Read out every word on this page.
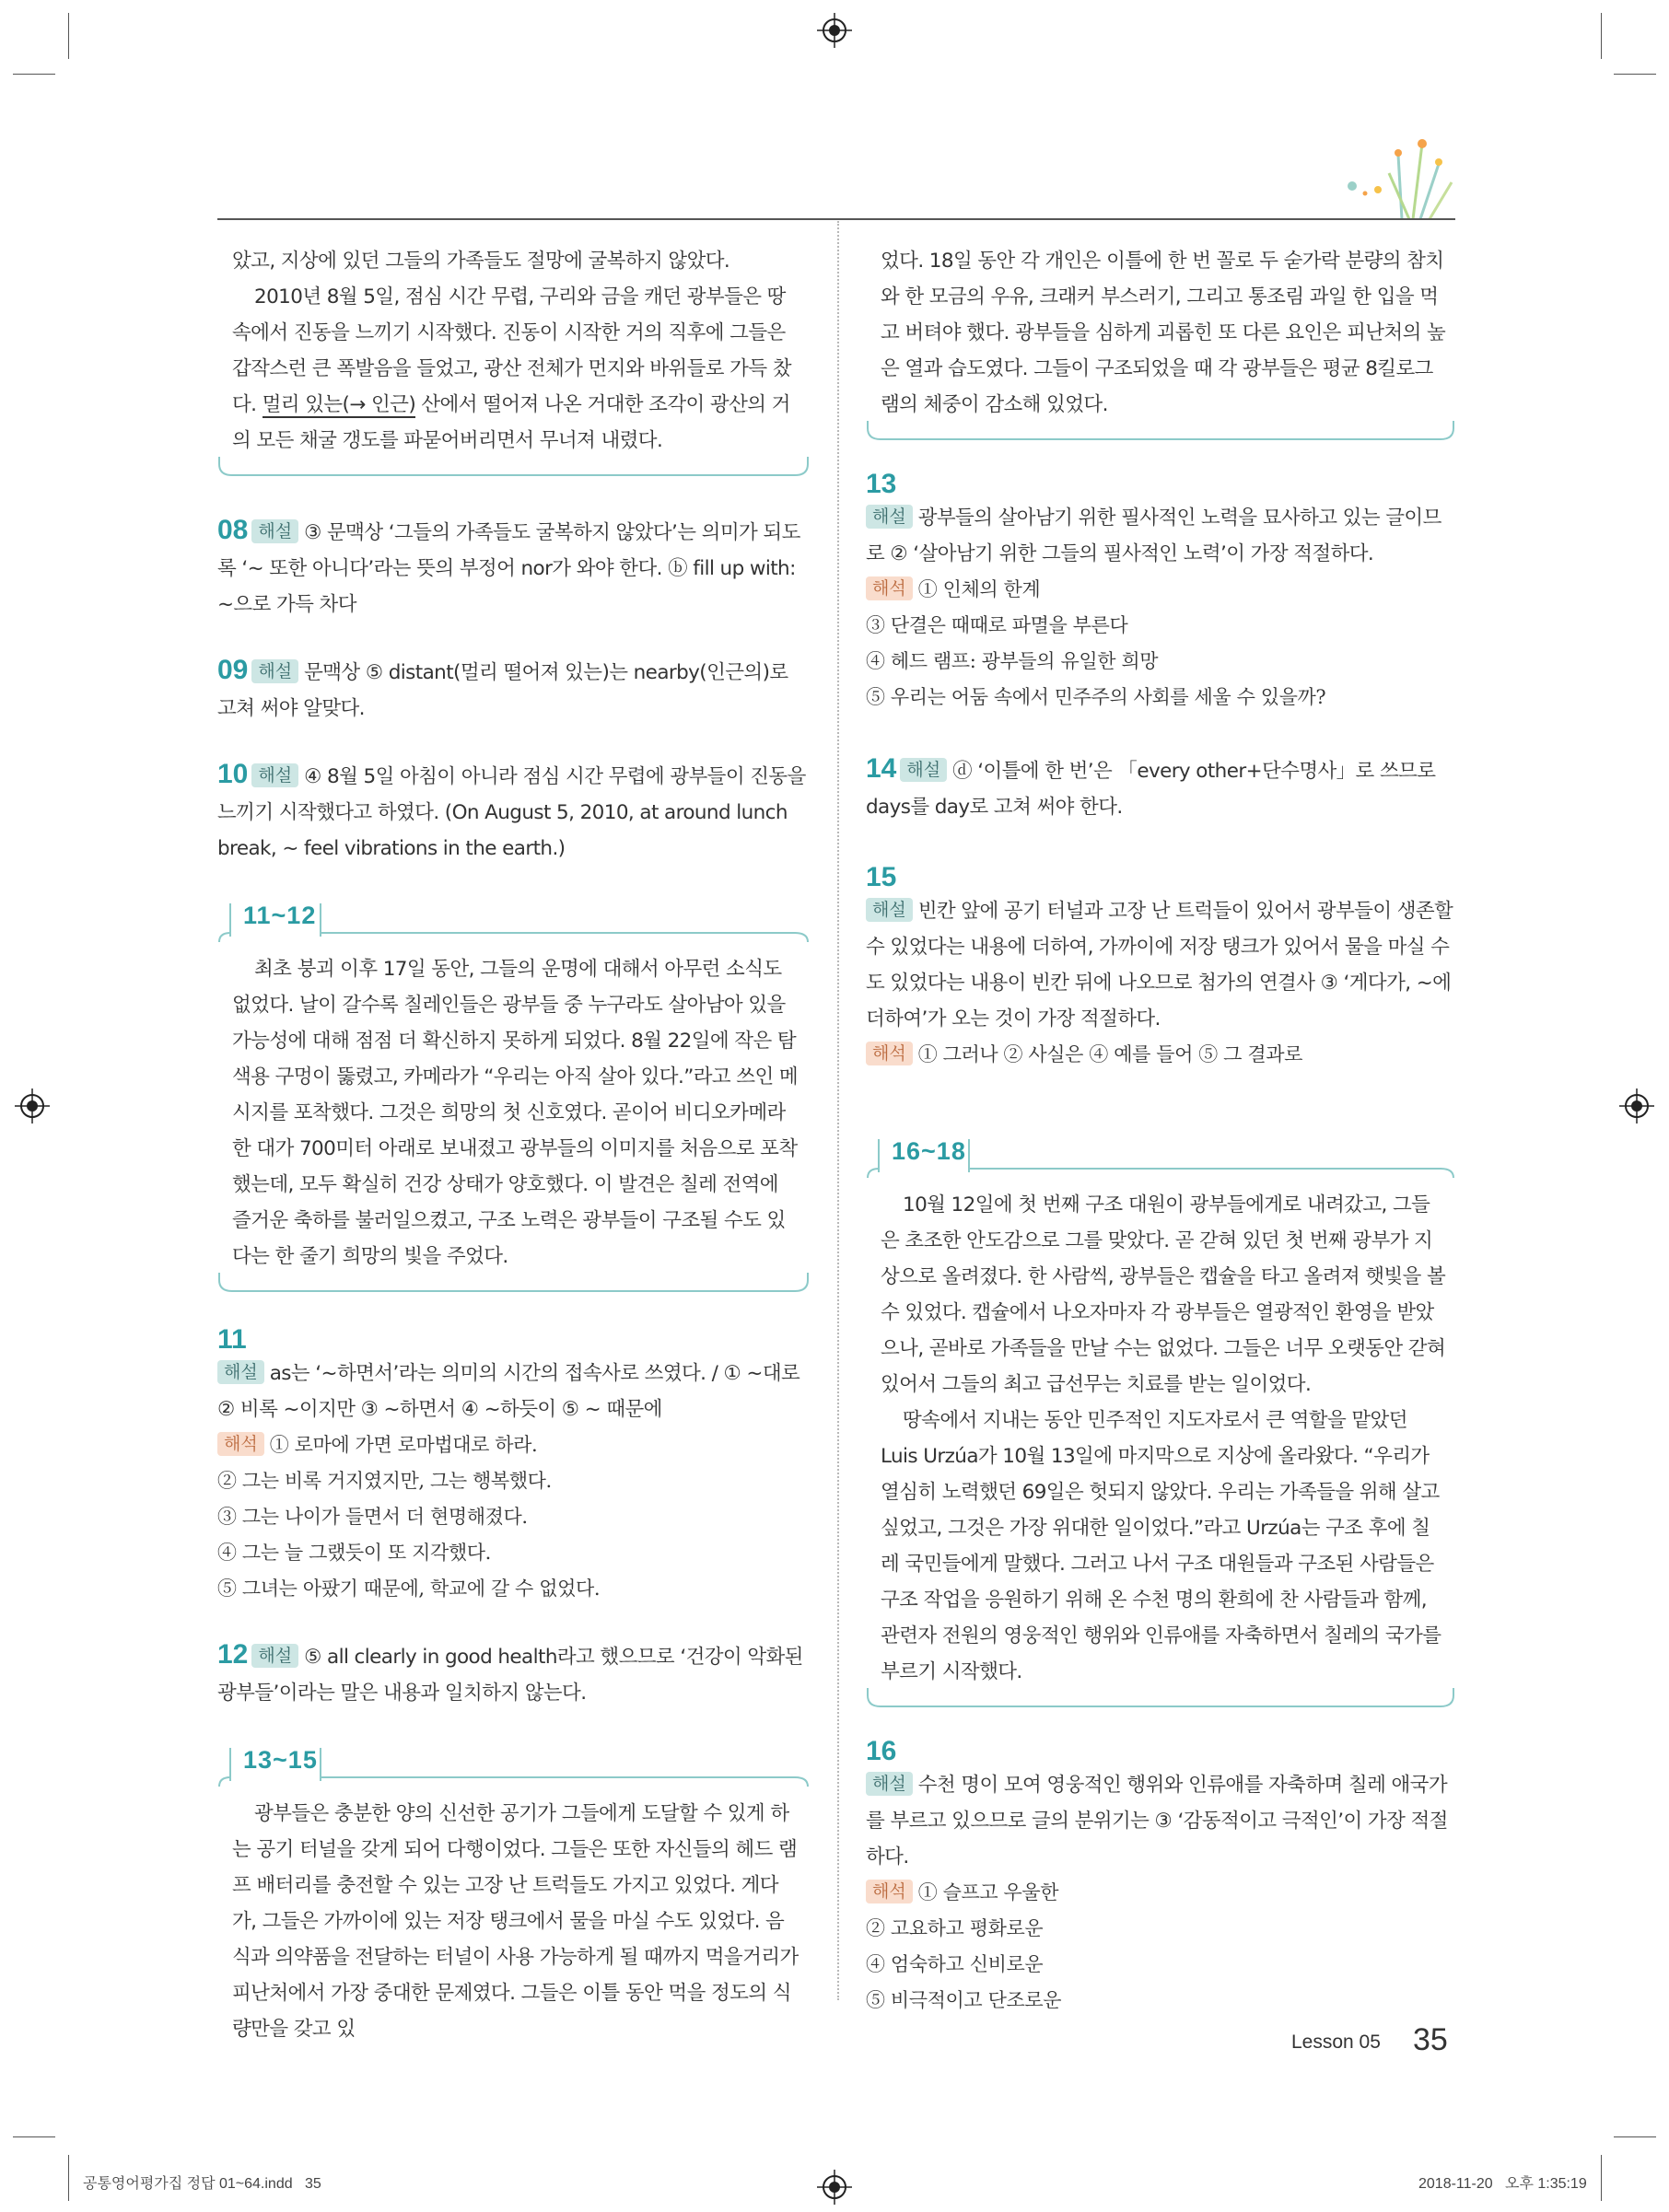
았고, 지상에 있던 그들의 가족들도 절망에 굴복하지 않았다.

2010년 8월 5일, 점심 시간 무렵, 구리와 금을 캐던 광부들은 땅속에서 진동을 느끼기 시작했다. 진동이 시작한 거의 직후에 그들은 갑작스런 큰 폭발음을 들었고, 광산 전체가 먼지와 바위들로 가득 찼다. 멀리 있는(→ 인근) 산에서 떨어져 나온 거대한 조각이 광산의 거의 모든 채굴 갱도를 파묻어버리면서 무너져 내렸다.

08 해설 ③ 문맥상 ‘그들의 가족들도 굴복하지 않았다’는 의미가 되도록 ‘~ 또한 아니다’라는 뜻의 부정어 nor가 와야 한다. ⓑ fill up with: ~으로 가득 차다

09 해설 문맥상 ⑤ distant(멀리 떨어져 있는)는 nearby(인근의)로 고쳐 써야 알맞다.

10 해설 ④ 8월 5일 아침이 아니라 점심 시간 무렵에 광부들이 진동을 느끼기 시작했다고 하였다. (On August 5, 2010, at around lunch break, ~ feel vibrations in the earth.)

11~12

최초 붕괴 이후 17일 동안, 그들의 운명에 대해서 아무런 소식도 없었다. 날이 갈수록 칠레인들은 광부들 중 누구라도 살아남아 있을 가능성에 대해 점점 더 확신하지 못하게 되었다. 8월 22일에 작은 탐색용 구멍이 뚫렸고, 카메라가 “우리는 아직 살아 있다.”라고 쓰인 메시지를 포착했다. 그것은 희망의 첫 신호였다. 곧이어 비디오카메라 한 대가 700미터 아래로 보내졌고 광부들의 이미지를 처음으로 포착했는데, 모두 확실히 건강 상태가 양호했다. 이 발견은 칠레 전역에 즐거운 축하를 불러일으켰고, 구조 노력은 광부들이 구조될 수도 있다는 한 줄기 희망의 빛을 주었다.

11

해설 as는 ‘~하면서’라는 의미의 시간의 접속사로 쓰였다. / ① ~대로 ② 비록 ~이지만 ③ ~하면서 ④ ~하듯이 ⑤ ~ 때문에

해석 ① 로마에 가면 로마법대로 하라.

② 그는 비록 거지였지만, 그는 행복했다.

③ 그는 나이가 들면서 더 현명해졌다.

④ 그는 늘 그랬듯이 또 지각했다.

⑤ 그녀는 아팠기 때문에, 학교에 갈 수 없었다.

12 해설 ⑤ all clearly in good health라고 했으므로 ‘건강이 악화된 광부들’이라는 말은 내용과 일치하지 않는다.

13~15

광부들은 충분한 양의 신선한 공기가 그들에게 도달할 수 있게 하는 공기 터널을 갖게 되어 다행이었다. 그들은 또한 자신들의 헤드 램프 배터리를 충전할 수 있는 고장 난 트럭들도 가지고 있었다. 게다가, 그들은 가까이에 있는 저장 탱크에서 물을 마실 수도 있었다. 음식과 의약품을 전달하는 터널이 사용 가능하게 될 때까지 먹을거리가 피난처에서 가장 중대한 문제였다. 그들은 이틀 동안 먹을 정도의 식량만을 갖고 있

었다. 18일 동안 각 개인은 이틀에 한 번 꼴로 두 숟가락 분량의 참치와 한 모금의 우유, 크래커 부스러기, 그리고 통조림 과일 한 입을 먹고 버텨야 했다. 광부들을 심하게 괴롭힌 또 다른 요인은 피난처의 높은 열과 습도였다. 그들이 구조되었을 때 각 광부들은 평균 8킬로그램의 체중이 감소해 있었다.

13

해설 광부들의 살아남기 위한 필사적인 노력을 묘사하고 있는 글이므로 ② ‘살아남기 위한 그들의 필사적인 노력’이 가장 적절하다.

해석 ① 인체의 한계

③ 단결은 때때로 파멸을 부른다

④ 헤드 램프: 광부들의 유일한 희망

⑤ 우리는 어둠 속에서 민주주의 사회를 세울 수 있을까?

14 해설 ⓓ ‘이틀에 한 번’은 「every other+단수명사」로 쓰므로 days를 day로 고쳐 써야 한다.

15

해설 빈칸 앞에 공기 터널과 고장 난 트럭들이 있어서 광부들이 생존할 수 있었다는 내용에 더하여, 가까이에 저장 탱크가 있어서 물을 마실 수도 있었다는 내용이 빈칸 뒤에 나오므로 첨가의 연결사 ③ ‘게다가, ~에 더하여’가 오는 것이 가장 적절하다.

해석 ① 그러나 ② 사실은 ④ 예를 들어 ⑤ 그 결과로

16~18

10월 12일에 첫 번째 구조 대원이 광부들에게로 내려갔고, 그들은 초조한 안도감으로 그를 맞았다. 곧 갇혀 있던 첫 번째 광부가 지상으로 올려졌다. 한 사람씩, 광부들은 캡슐을 타고 올려져 햇빛을 볼 수 있었다. 캡슐에서 나오자마자 각 광부들은 열광적인 환영을 받았으나, 곧바로 가족들을 만날 수는 없었다. 그들은 너무 오랫동안 갇혀 있어서 그들의 최고 급선무는 치료를 받는 일이었다.

땅속에서 지내는 동안 민주적인 지도자로서 큰 역할을 맡았던 Luis Urzúa가 10월 13일에 마지막으로 지상에 올라왔다. “우리가 열심히 노력했던 69일은 헛되지 않았다. 우리는 가족들을 위해 살고 싶었고, 그것은 가장 위대한 일이었다.”라고 Urzúa는 구조 후에 칠레 국민들에게 말했다. 그러고 나서 구조 대원들과 구조된 사람들은 구조 작업을 응원하기 위해 온 수천 명의 환희에 찬 사람들과 함께, 관련자 전원의 영웅적인 행위와 인류애를 자축하면서 칠레의 국가를 부르기 시작했다.

16

해설 수천 명이 모여 영웅적인 행위와 인류애를 자축하며 칠레 애국가를 부르고 있으므로 글의 분위기는 ③ ‘감동적이고 극적인’이 가장 적절하다.

해석 ① 슬프고 우울한

② 고요하고 평화로운

④ 엄숙하고 신비로운

⑤ 비극적이고 단조로운

Lesson 05 35
공통영어평가집 정답 01~64.indd   35	2018-11-20   오후 1:35:19
